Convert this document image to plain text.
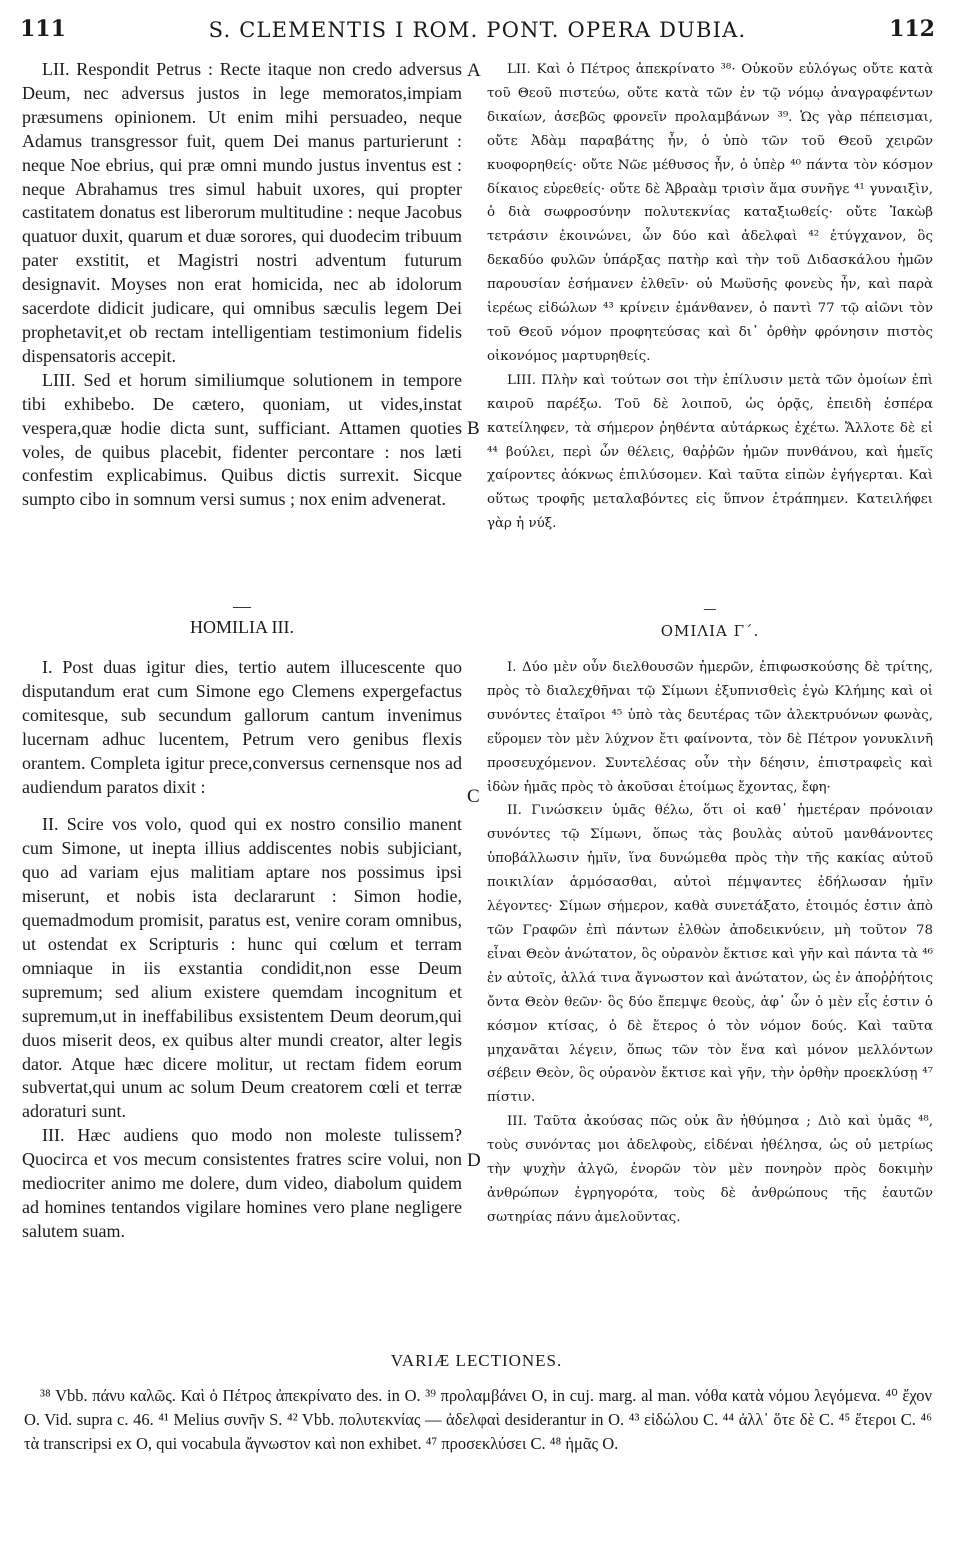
111	S. CLEMENTIS I ROM. PONT. OPERA DUBIA.	112

LII. Respondit Petrus : Recte itaque non credo adversus Deum, nec adversus justos in lege memoratos,impiam præsumens opinionem. Ut enim mihi persuadeo, neque Adamus transgressor fuit, quem Dei manus parturierunt : neque Noe ebrius, qui præ omni mundo justus inventus est : neque Abrahamus tres simul habuit uxores, qui propter castitatem donatus est liberorum multitudine : neque Jacobus quatuor duxit, quarum et duæ sorores, qui duodecim tribuum pater exstitit, et Magistri nostri adventum futurum designavit. Moyses non erat homicida, nec ab idolorum sacerdote didicit judicare, qui omnibus sæculis legem Dei prophetavit,et ob rectam intelligentiam testimonium fidelis dispensatoris accepit.

LIII. Sed et horum similiumque solutionem in tempore tibi exhibebo. De cætero, quoniam, ut vides,instat vespera,quæ hodie dicta sunt, sufficiant. Attamen quoties voles, de quibus placebit, fidenter percontare : nos læti confestim explicabimus. Quibus dictis surrexit. Sicque sumpto cibo in somnum versi sumus ; nox enim advenerat.

—

HOMILIA III.

I. Post duas igitur dies, tertio autem illucescente quo disputandum erat cum Simone ego Clemens expergefactus comitesque, sub secundum gallorum cantum invenimus lucernam adhuc lucentem, Petrum vero genibus flexis orantem. Completa igitur prece,conversus cernensque nos ad audiendum paratos dixit :

II. Scire vos volo, quod qui ex nostro consilio manent cum Simone, ut inepta illius addiscentes nobis subjiciant, quo ad variam ejus malitiam aptare nos possimus ipsi miserunt, et nobis ista declararunt : Simon hodie, quemadmodum promisit, paratus est, venire coram omnibus, ut ostendat ex Scripturis : hunc qui cœlum et terram omniaque in iis exstantia condidit,non esse Deum supremum; sed alium existere quemdam incognitum et supremum,ut in ineffabilibus exsistentem Deum deorum,qui duos miserit deos, ex quibus alter mundi creator, alter legis dator. Atque hæc dicere molitur, ut rectam fidem eorum subvertat,qui unum ac solum Deum creatorem cœli et terræ adoraturi sunt.

III. Hæc audiens quo modo non moleste tulissem? Quocirca et vos mecum consistentes fratres scire volui, non mediocriter animo me dolere, dum video, diabolum quidem ad homines tentandos vigilare homines vero plane negligere salutem suam.

LII. Καὶ ὁ Πέτρος ἀπεκρίνατο ³⁸· Οὐκοῦν εὐλόγως οὔτε κατὰ τοῦ Θεοῦ πιστεύω, οὔτε κατὰ τῶν ἐν τῷ νόμῳ ἀναγραφέντων δικαίων, ἀσεβῶς φρονεῖν προλαμβάνων ³⁹. Ὡς γὰρ πέπεισμαι, οὔτε Ἀδὰμ παραβάτης ἦν, ὁ ὑπὸ τῶν τοῦ Θεοῦ χειρῶν κυοφορηθείς· οὔτε Νῶε μέθυσος ἦν, ὁ ὑπὲρ ⁴⁰ πάντα τὸν κόσμον δίκαιος εὑρεθείς· οὔτε δὲ Ἀβραὰμ τρισὶν ἅμα συνῆγε ⁴¹ γυναιξὶν, ὁ διὰ σωφροσύνην πολυτεκνίας καταξιωθείς· οὔτε Ἰακὼβ τετράσιν ἐκοινώνει, ὧν δύο καὶ ἀδελφαὶ ⁴² ἐτύγχανον, ὃς δεκαδύο φυλῶν ὑπάρξας πατὴρ καὶ τὴν τοῦ Διδασκάλου ἡμῶν παρουσίαν ἐσήμανεν ἐλθεῖν· οὐ Μωϋσῆς φονεὺς ἦν, καὶ παρὰ ἱερέως εἰδώλων ⁴³ κρίνειν ἐμάνθανεν, ὁ παντὶ 77 τῷ αἰῶνι τὸν τοῦ Θεοῦ νόμον προφητεύσας καὶ δι᾽ ὀρθὴν φρόνησιν πιστὸς οἰκονόμος μαρτυρηθείς.

LIII. Πλὴν καὶ τούτων σοι τὴν ἐπίλυσιν μετὰ τῶν ὁμοίων ἐπὶ καιροῦ παρέξω. Τοῦ δὲ λοιποῦ, ὡς ὁρᾷς, ἐπειδὴ ἑσπέρα κατείληφεν, τὰ σήμερον ῥηθέντα αὐτάρκως ἐχέτω. Ἄλλοτε δὲ εἰ ⁴⁴ βούλει, περὶ ὧν θέλεις, θαῤῥῶν ἡμῶν πυνθάνου, καὶ ἡμεῖς χαίροντες ἀόκνως ἐπιλύσομεν. Καὶ ταῦτα εἰπὼν ἐγήγερται. Καὶ οὕτως τροφῆς μεταλαβόντες εἰς ὕπνον ἐτράπημεν. Κατειλήφει γὰρ ἡ νύξ.

—

ΟΜΙΛΙΑ Γ΄.

I. Δύο μὲν οὖν διελθουσῶν ἡμερῶν, ἐπιφωσκούσης δὲ τρίτης, πρὸς τὸ διαλεχθῆναι τῷ Σίμωνι ἐξυπνισθεὶς ἐγὼ Κλήμης καὶ οἱ συνόντες ἑταῖροι ⁴⁵ ὑπὸ τὰς δευτέρας τῶν ἀλεκτρυόνων φωνὰς, εὕρομεν τὸν μὲν λύχνον ἔτι φαίνοντα, τὸν δὲ Πέτρον γονυκλινῆ προσευχόμενον. Συντελέσας οὖν τὴν δέησιν, ἐπιστραφεὶς καὶ ἰδὼν ἡμᾶς πρὸς τὸ ἀκοῦσαι ἑτοίμως ἔχοντας, ἔφη·

II. Γινώσκειν ὑμᾶς θέλω, ὅτι οἱ καθ᾽ ἡμετέραν πρόνοιαν συνόντες τῷ Σίμωνι, ὅπως τὰς βουλὰς αὐτοῦ μανθάνοντες ὑποβάλλωσιν ἡμῖν, ἵνα δυνώμεθα πρὸς τὴν τῆς κακίας αὐτοῦ ποικιλίαν ἁρμόσασθαι, αὐτοὶ πέμψαντες ἐδήλωσαν ἡμῖν λέγοντες· Σίμων σήμερον, καθὰ συνετάξατο, ἑτοιμός ἐστιν ἀπὸ τῶν Γραφῶν ἐπὶ πάντων ἐλθὼν ἀποδεικνύειν, μὴ τοῦτον 78 εἶναι Θεὸν ἀνώτατον, ὃς οὐρανὸν ἔκτισε καὶ γῆν καὶ πάντα τὰ ⁴⁶ ἐν αὐτοῖς, ἀλλά τινα ἄγνωστον καὶ ἀνώτατον, ὡς ἐν ἀποῤῥήτοις ὄντα Θεὸν θεῶν· ὃς δύο ἔπεμψε θεοὺς, ἀφ᾽ ὧν ὁ μὲν εἷς ἐστιν ὁ κόσμον κτίσας, ὁ δὲ ἕτερος ὁ τὸν νόμον δούς. Καὶ ταῦτα μηχανᾶται λέγειν, ὅπως τῶν τὸν ἕνα καὶ μόνον μελλόντων σέβειν Θεὸν, ὃς οὐρανὸν ἔκτισε καὶ γῆν, τὴν ὀρθὴν προεκλύσῃ ⁴⁷ πίστιν.

III. Ταῦτα ἀκούσας πῶς οὐκ ἂν ἠθύμησα ; Διὸ καὶ ὑμᾶς ⁴⁸, τοὺς συνόντας μοι ἀδελφοὺς, εἰδέναι ἠθέλησα, ὡς οὐ μετρίως τὴν ψυχὴν ἀλγῶ, ἐνορῶν τὸν μὲν πονηρὸν πρὸς δοκιμὴν ἀνθρώπων ἐγρηγορότα, τοὺς δὲ ἀνθρώπους τῆς ἑαυτῶν σωτηρίας πάνυ ἀμελοῦντας.

A
B
C
D
VARIÆ LECTIONES.

³⁸ Vbb. πάνυ καλῶς. Καὶ ὁ Πέτρος ἀπεκρίνατο des. in O. ³⁹ προλαμβάνει O, in cuj. marg. al man. νόθα κατὰ νόμου λεγόμενα. ⁴⁰ ἔχον O. Vid. supra c. 46. ⁴¹ Melius συνῆν S. ⁴² Vbb. πολυτεκνίας — ἀδελφαὶ desiderantur in O. ⁴³ εἰδώλου C. ⁴⁴ ἀλλ᾽ ὅτε δὲ C. ⁴⁵ ἕτεροι C. ⁴⁶ τὰ transcripsi ex O, qui vocabula ἄγνωστον καὶ non exhibet. ⁴⁷ προσεκλύσει C. ⁴⁸ ἡμᾶς O.
